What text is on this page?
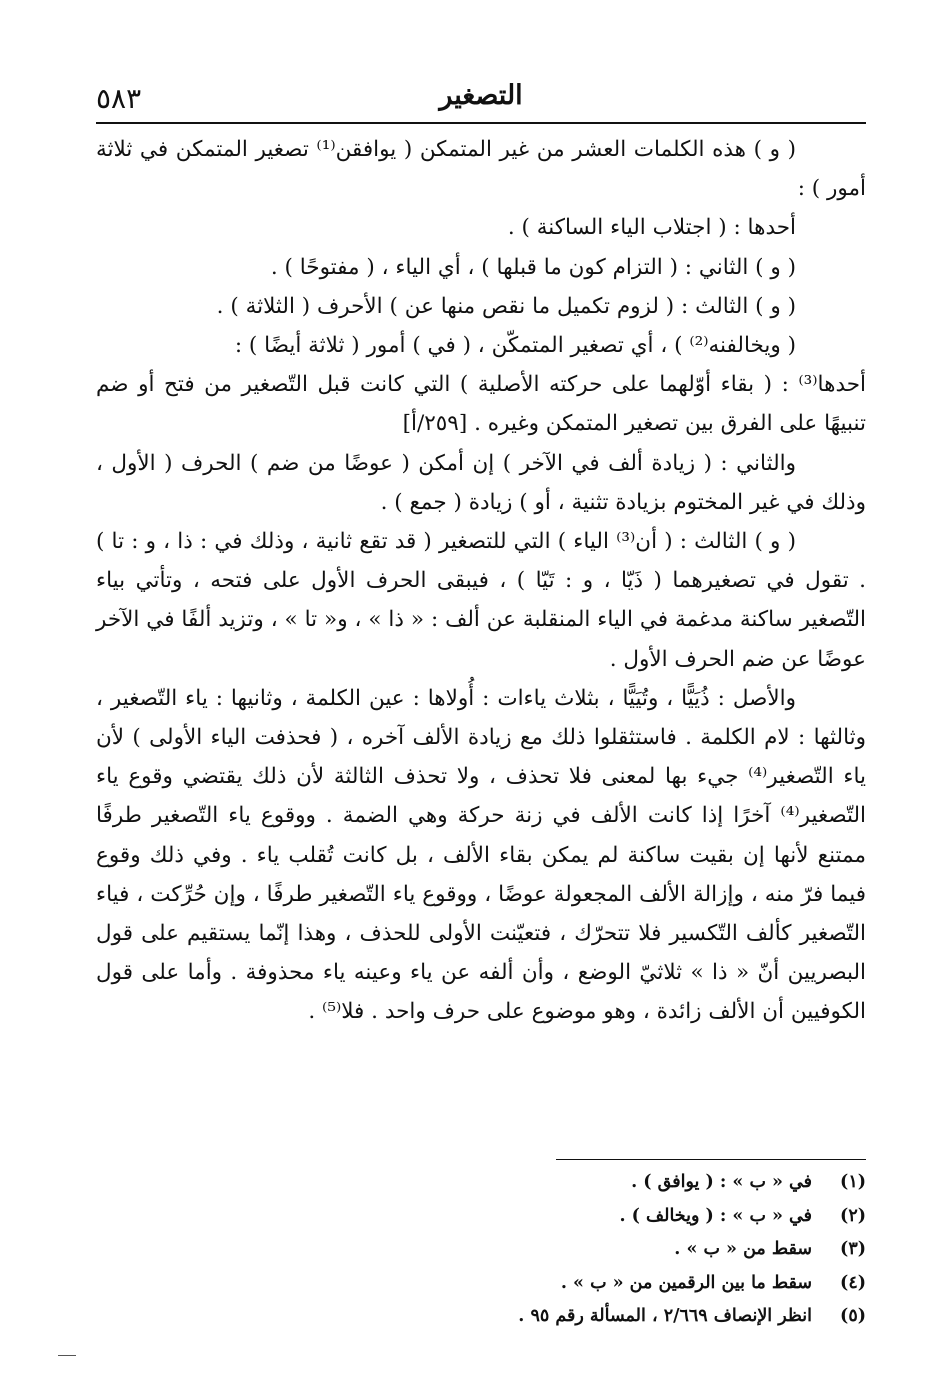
٥٨٣	التصغير

( و ) هذه الكلمات العشر من غير المتمكن ( يوافقن⁽¹⁾ تصغير المتمكن في ثلاثة أمور ) :

أحدها : ( اجتلاب الياء الساكنة ) .

( و ) الثاني : ( التزام كون ما قبلها ) ، أي الياء ، ( مفتوحًا ) .

( و ) الثالث : ( لزوم تكميل ما نقص منها عن ) الأحرف ( الثلاثة ) .

( ويخالفنه⁽²⁾ ) ، أي تصغير المتمكّن ، ( في ) أمور ( ثلاثة أيضًا ) :

أحدها⁽³⁾ : ( بقاء أوّلهما على حركته الأصلية ) التي كانت قبل التّصغير من فتح أو ضم تنبيهًا على الفرق بين تصغير المتمكن وغيره . [٢٥٩/أ]

والثاني : ( زيادة ألف في الآخر ) إن أمكن ( عوضًا من ضم ) الحرف ( الأول ، وذلك في غير المختوم بزيادة تثنية ، أو ) زيادة ( جمع ) .

( و ) الثالث : ( أن⁽³⁾ الياء ) التي للتصغير ( قد تقع ثانية ، وذلك في : ذا ، و : تا ) . تقول في تصغيرهما ( ذَيّا ، و : تَيّا ) ، فيبقى الحرف الأول على فتحه ، وتأتي بياء التّصغير ساكنة مدغمة في الياء المنقلبة عن ألف : « ذا » ، و« تا » ، وتزيد ألفًا في الآخر عوضًا عن ضم الحرف الأول .

والأصل : ذُيَيًّا ، وتُيَيًّا ، بثلاث ياءات : أُولاها : عين الكلمة ، وثانيها : ياء التّصغير ، وثالثها : لام الكلمة . فاستثقلوا ذلك مع زيادة الألف آخره ، ( فحذفت الياء الأولى ) لأن ياء التّصغير⁽⁴⁾ جيء بها لمعنى فلا تحذف ، ولا تحذف الثالثة لأن ذلك يقتضي وقوع ياء التّصغير⁽⁴⁾ آخرًا إذا كانت الألف في زنة حركة وهي الضمة . ووقوع ياء التّصغير طرفًا ممتنع لأنها إن بقيت ساكنة لم يمكن بقاء الألف ، بل كانت تُقلب ياء . وفي ذلك وقوع فيما فرّ منه ، وإزالة الألف المجعولة عوضًا ، ووقوع ياء التّصغير طرفًا ، وإن حُرِّكت ، فياء التّصغير كألف التّكسير فلا تتحرّك ، فتعيّنت الأولى للحذف ، وهذا إنّما يستقيم على قول البصريين أنّ « ذا » ثلاثيّ الوضع ، وأن ألفه عن ياء وعينه ياء محذوفة . وأما على قول الكوفيين أن الألف زائدة ، وهو موضوع على حرف واحد . فلا⁽⁵⁾ .

(١)
في « ب » : ( يوافق ) .
(٢)
في « ب » : ( ويخالف ) .
(٣)
سقط من « ب » .
(٤)
سقط ما بين الرقمين من « ب » .
(٥)
انظر الإنصاف ٢/٦٦٩ ، المسألة رقم ٩٥ .
